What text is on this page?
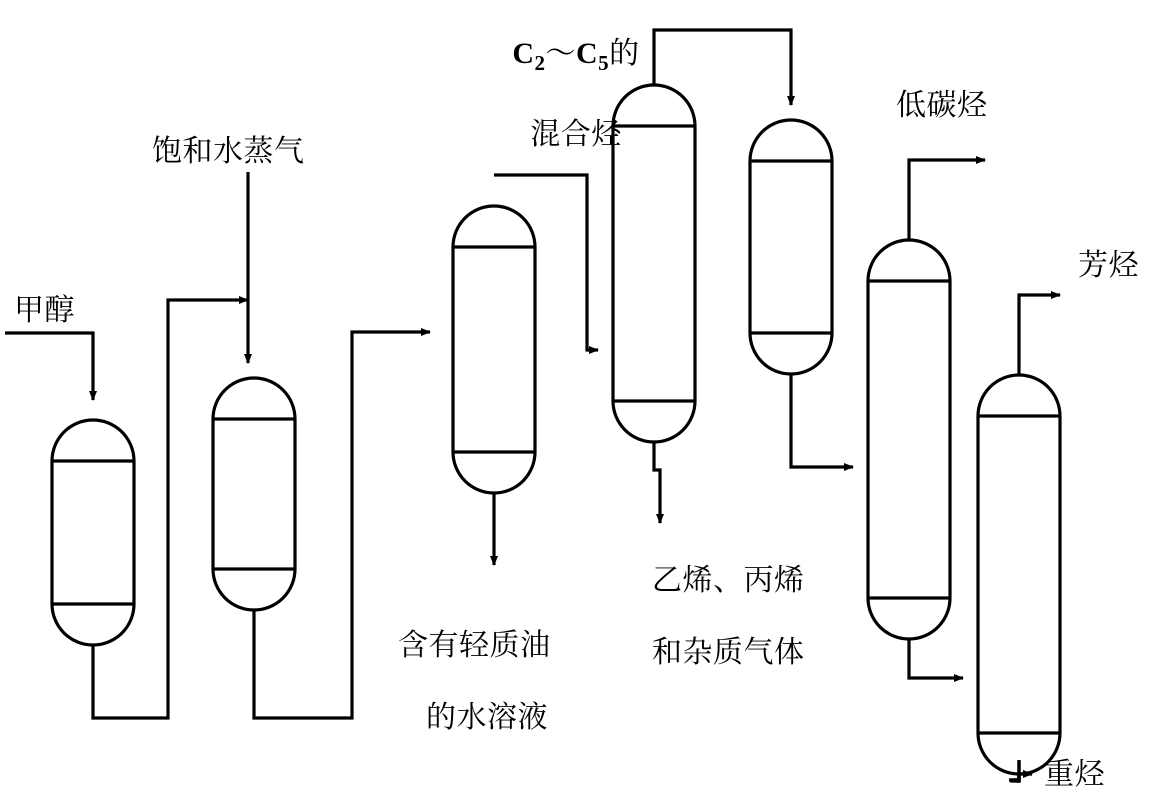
甲醇
饱和水蒸气

$C_2\sim C_5$的

混合烃

低碳烃
芳烃

含有轻质油

的水溶液

乙烯、丙烯

和杂质气体

重烃
